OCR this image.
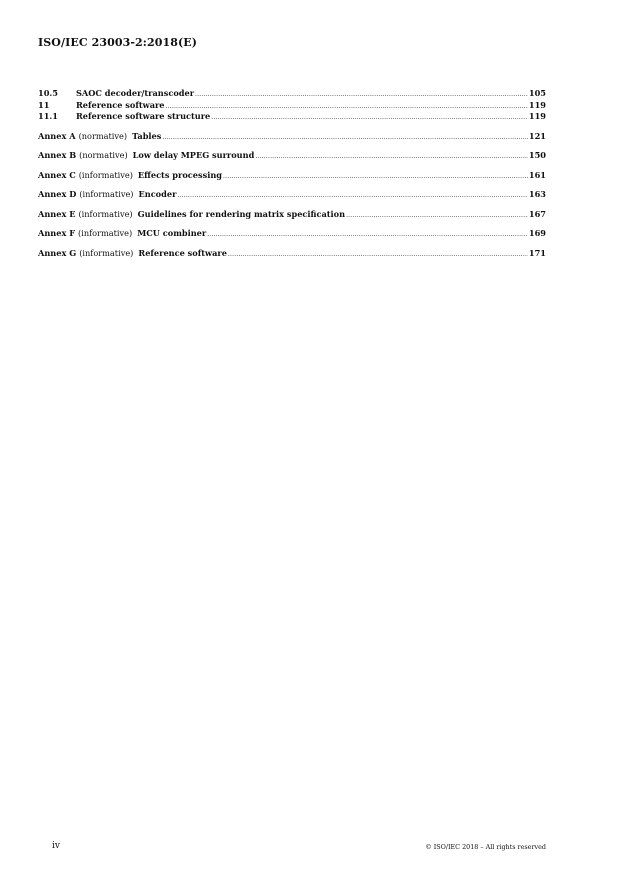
ISO/IEC 23003-2:2018(E)
10.5	SAOC decoder/transcoder .....	105
11	Reference software .....	119
11.1	Reference software structure .....	119
Annex A (normative) Tables .....	121
Annex B (normative) Low delay MPEG surround .....	150
Annex C (informative) Effects processing .....	161
Annex D (informative) Encoder .....	163
Annex E (informative) Guidelines for rendering matrix specification .....	167
Annex F (informative) MCU combiner .....	169
Annex G (informative) Reference software .....	171
iv	© ISO/IEC 2018 – All rights reserved
